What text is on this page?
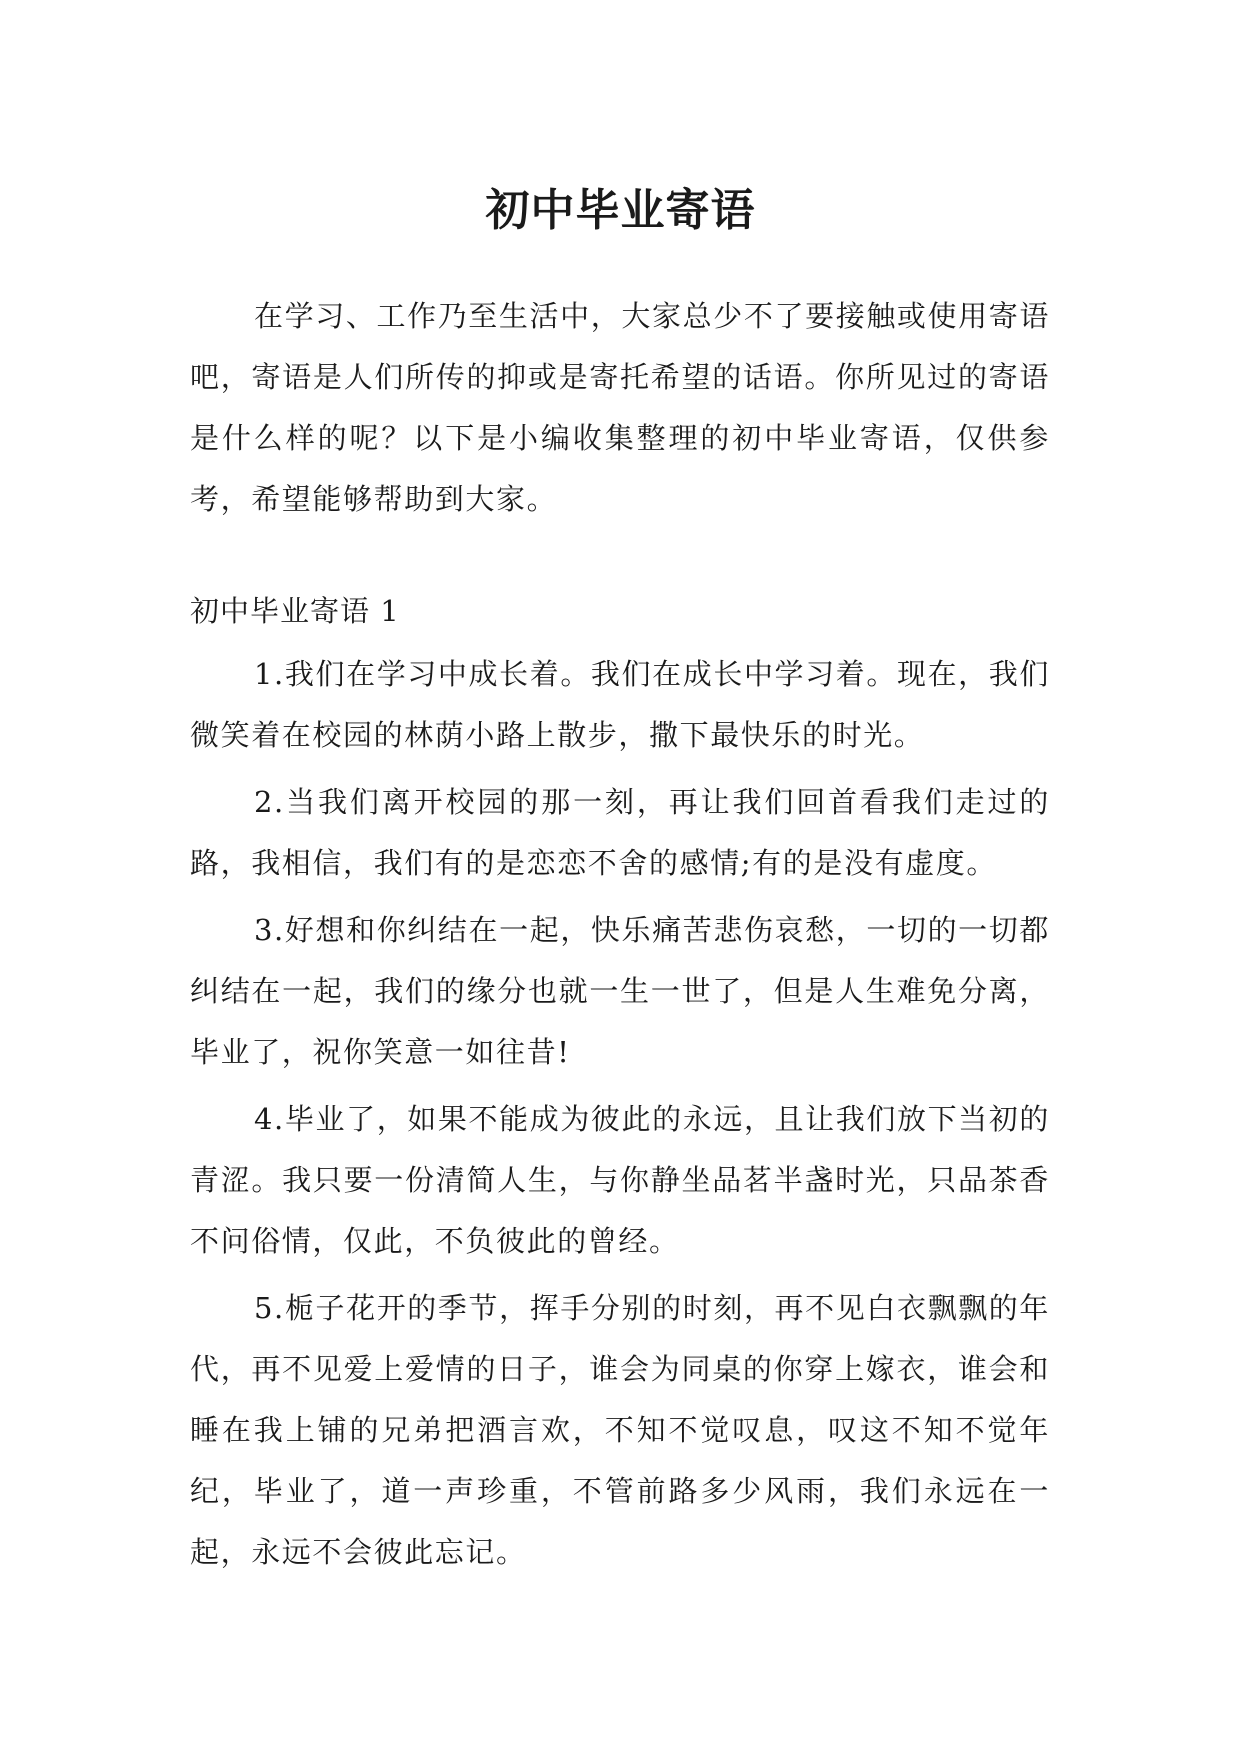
初中毕业寄语

在学习、工作乃至生活中，大家总少不了要接触或使用寄语吧，寄语是人们所传的抑或是寄托希望的话语。你所见过的寄语是什么样的呢？以下是小编收集整理的初中毕业寄语，仅供参考，希望能够帮助到大家。

初中毕业寄语 1

1.我们在学习中成长着。我们在成长中学习着。现在，我们微笑着在校园的林荫小路上散步，撒下最快乐的时光。

2.当我们离开校园的那一刻，再让我们回首看我们走过的路，我相信，我们有的是恋恋不舍的感情;有的是没有虚度。

3.好想和你纠结在一起，快乐痛苦悲伤哀愁，一切的一切都纠结在一起，我们的缘分也就一生一世了，但是人生难免分离，毕业了，祝你笑意一如往昔!

4.毕业了，如果不能成为彼此的永远，且让我们放下当初的青涩。我只要一份清简人生，与你静坐品茗半盏时光，只品茶香不问俗情，仅此，不负彼此的曾经。

5.栀子花开的季节，挥手分别的时刻，再不见白衣飘飘的年代，再不见爱上爱情的日子，谁会为同桌的你穿上嫁衣，谁会和睡在我上铺的兄弟把酒言欢，不知不觉叹息，叹这不知不觉年纪，毕业了，道一声珍重，不管前路多少风雨，我们永远在一起，永远不会彼此忘记。
